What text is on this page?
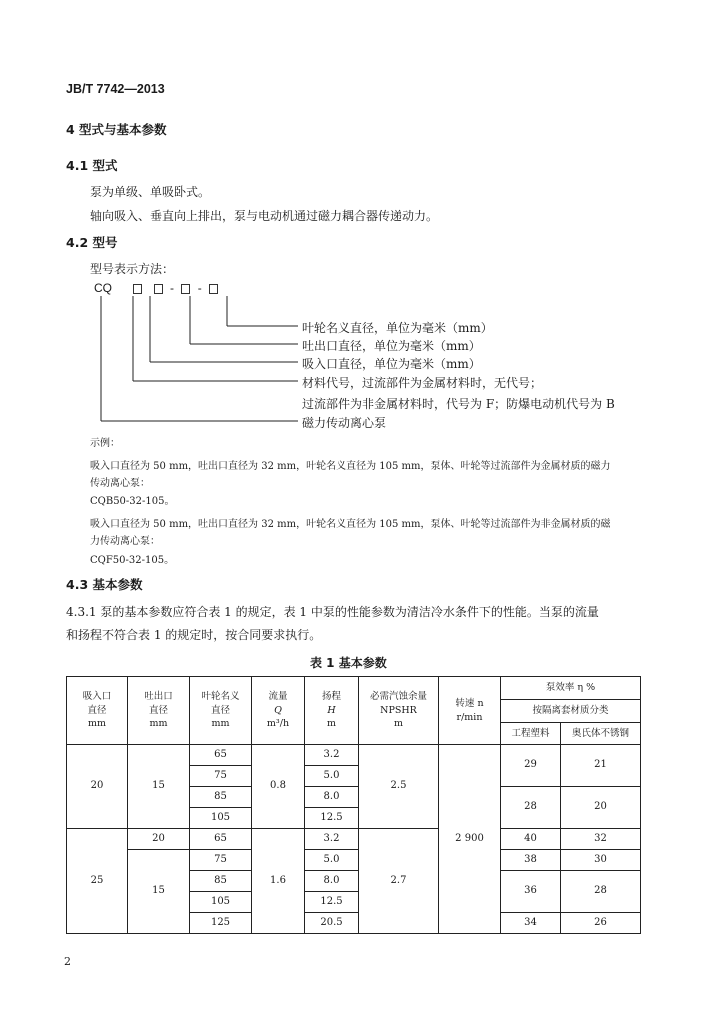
JB/T 7742—2013
4 型式与基本参数
4.1 型式
泵为单级、单吸卧式。
轴向吸入、垂直向上排出，泵与电动机通过磁力耦合器传递动力。
4.2 型号
型号表示方法：
CQ	- -
叶轮名义直径，单位为毫米（mm）
吐出口直径，单位为毫米（mm）
吸入口直径，单位为毫米（mm）
材料代号，过流部件为金属材料时，无代号；
过流部件为非金属材料时，代号为 F；防爆电动机代号为 B
磁力传动离心泵
示例：
吸入口直径为 50 mm，吐出口直径为 32 mm，叶轮名义直径为 105 mm，泵体、叶轮等过流部件为金属材质的磁力
传动离心泵：
CQB50-32-105。
吸入口直径为 50 mm，吐出口直径为 32 mm，叶轮名义直径为 105 mm，泵体、叶轮等过流部件为非金属材质的磁
力传动离心泵：
CQF50-32-105。
4.3 基本参数
4.3.1 泵的基本参数应符合表 1 的规定，表 1 中泵的性能参数为清洁冷水条件下的性能。当泵的流量
和扬程不符合表 1 的规定时，按合同要求执行。
表 1 基本参数
吸入口
直径
mm	吐出口
直径
mm	叶轮名义
直径
mm	流量
Q
m³/h	扬程
H
m	必需汽蚀余量
NPSHR
m	转速 n
r/min	泵效率 η %	
							按隔离套材质分类	
							工程塑料	奥氏体不锈钢
20	15	65	0.8	3.2	2.5	2 900	29	21
		75		5.0				
		85		8.0			28	20
		105		12.5				
25	20	65	1.6	3.2	2.7		40	32
	15	75		5.0			38	30
		85		8.0			36	28
		105		12.5				
		125		20.5			34	26
2
